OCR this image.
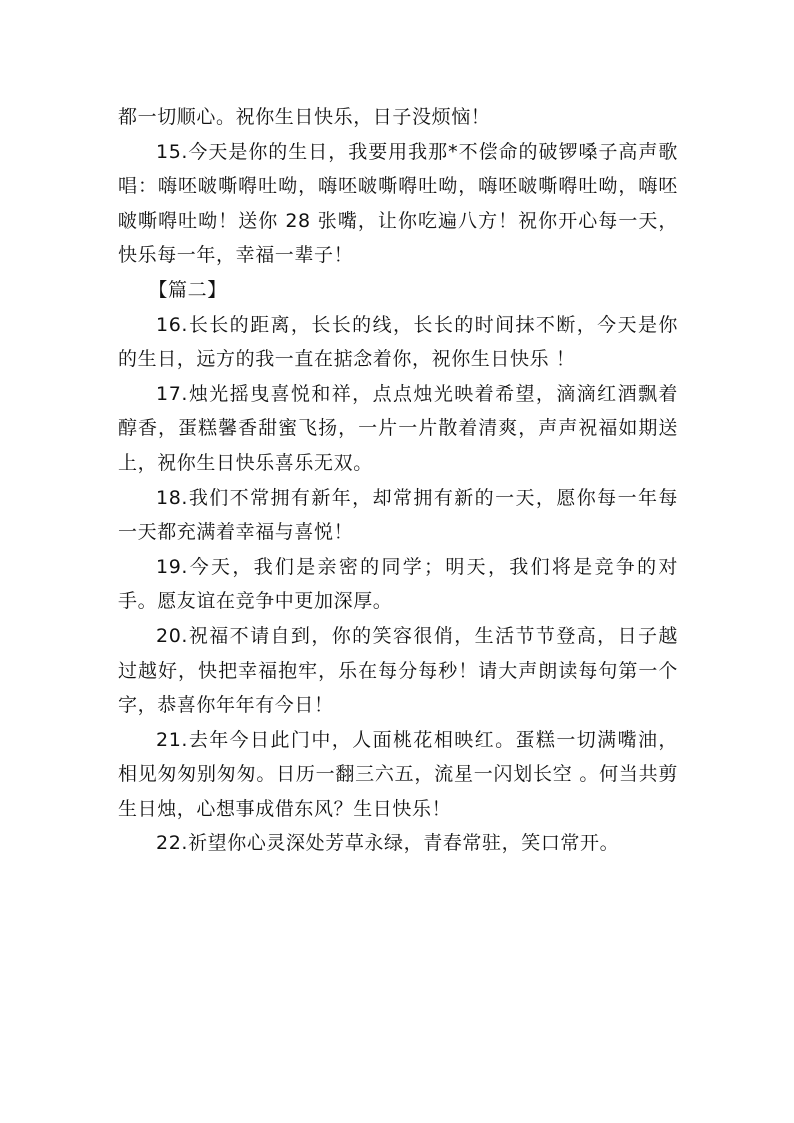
都一切顺心。祝你生日快乐，日子没烦恼！

15.今天是你的生日，我要用我那*不偿命的破锣嗓子高声歌唱：嗨呸啵嘶嘚吐呦，嗨呸啵嘶嘚吐呦，嗨呸啵嘶嘚吐呦，嗨呸啵嘶嘚吐呦！送你 28 张嘴，让你吃遍八方！祝你开心每一天，快乐每一年，幸福一辈子！

【篇二】

16.长长的距离，长长的线，长长的时间抹不断，今天是你的生日，远方的我一直在掂念着你，祝你生日快乐 ！

17.烛光摇曳喜悦和祥，点点烛光映着希望，滴滴红酒飘着醇香，蛋糕馨香甜蜜飞扬，一片一片散着清爽，声声祝福如期送上，祝你生日快乐喜乐无双。

18.我们不常拥有新年，却常拥有新的一天，愿你每一年每一天都充满着幸福与喜悦！

19.今天，我们是亲密的同学；明天，我们将是竞争的对手。愿友谊在竞争中更加深厚。

20.祝福不请自到，你的笑容很俏，生活节节登高，日子越过越好，快把幸福抱牢，乐在每分每秒！请大声朗读每句第一个字，恭喜你年年有今日！

21.去年今日此门中，人面桃花相映红。蛋糕一切满嘴油，相见匆匆别匆匆。日历一翻三六五，流星一闪划长空 。何当共剪生日烛，心想事成借东风？生日快乐！

22.祈望你心灵深处芳草永绿，青春常驻，笑口常开。
